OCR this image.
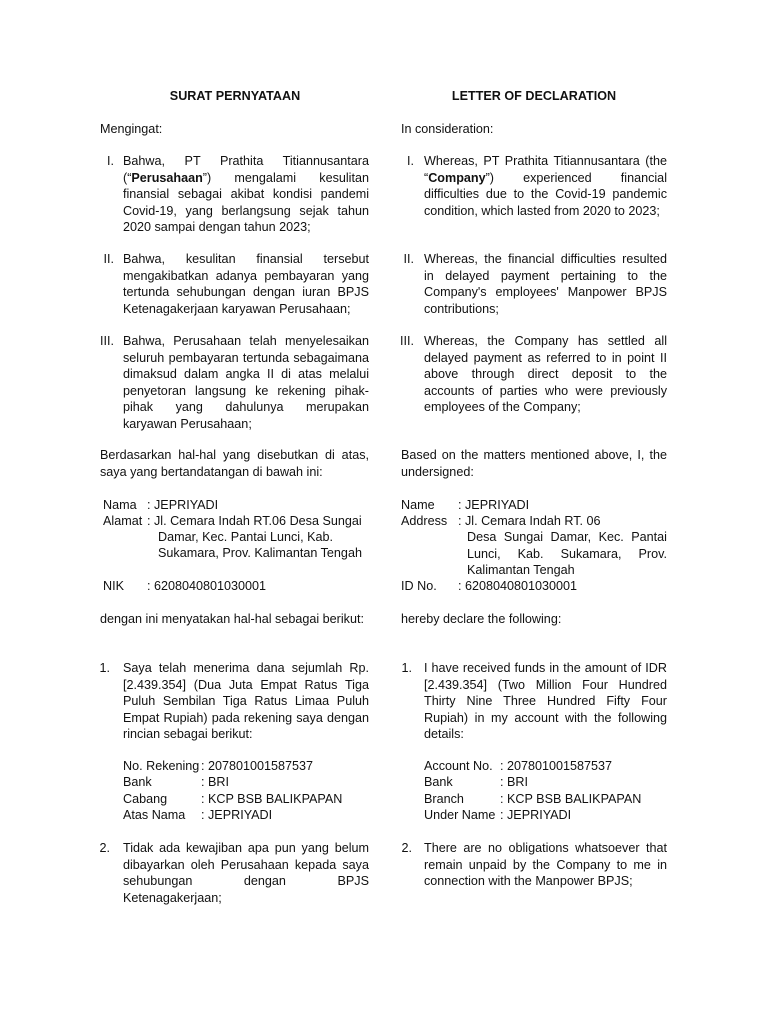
SURAT PERNYATAAN
Mengingat:
I. Bahwa, PT Prathita Titiannusantara (“Perusahaan”) mengalami kesulitan finansial sebagai akibat kondisi pandemi Covid-19, yang berlangsung sejak tahun 2020 sampai dengan tahun 2023;
II. Bahwa, kesulitan finansial tersebut mengakibatkan adanya pembayaran yang tertunda sehubungan dengan iuran BPJS Ketenagakerjaan karyawan Perusahaan;
III. Bahwa, Perusahaan telah menyelesaikan seluruh pembayaran tertunda sebagaimana dimaksud dalam angka II di atas melalui penyetoran langsung ke rekening pihak-pihak yang dahulunya merupakan karyawan Perusahaan;
Berdasarkan hal-hal yang disebutkan di atas, saya yang bertandatangan di bawah ini:
Nama : JEPRIYADI
Alamat : Jl. Cemara Indah RT.06 Desa Sungai
Damar, Kec. Pantai Lunci, Kab.
Sukamara, Prov. Kalimantan Tengah
NIK : 6208040801030001
dengan ini menyatakan hal-hal sebagai berikut:
1. Saya telah menerima dana sejumlah Rp. [2.439.354] (Dua Juta Empat Ratus Tiga Puluh Sembilan Tiga Ratus Limaa Puluh Empat Rupiah) pada rekening saya dengan rincian sebagai berikut:
No. Rekening : 207801001587537
Bank	: BRI
Cabang	: KCP BSB BALIKPAPAN
Atas Nama : JEPRIYADI
2. Tidak ada kewajiban apa pun yang belum dibayarkan oleh Perusahaan kepada saya sehubungan dengan BPJS Ketenagakerjaan;
LETTER OF DECLARATION
In consideration:
I. Whereas, PT Prathita Titiannusantara (the “Company”) experienced financial difficulties due to the Covid-19 pandemic condition, which lasted from 2020 to 2023;
II. Whereas, the financial difficulties resulted in delayed payment pertaining to the Company's employees' Manpower BPJS contributions;
III. Whereas, the Company has settled all delayed payment as referred to in point II above through direct deposit to the accounts of parties who were previously employees of the Company;
Based on the matters mentioned above, I, the undersigned:
Name : JEPRIYADI
Address : Jl. Cemara Indah RT. 06
Desa Sungai Damar, Kec. Pantai Lunci, Kab. Sukamara, Prov. Kalimantan Tengah
ID No. : 6208040801030001
hereby declare the following:
1. I have received funds in the amount of IDR [2.439.354] (Two Million Four Hundred Thirty Nine Three Hundred Fifty Four Rupiah) in my account with the following details:
Account No. : 207801001587537
Bank	: BRI
Branch	: KCP BSB BALIKPAPAN
Under Name : JEPRIYADI
2. There are no obligations whatsoever that remain unpaid by the Company to me in connection with the Manpower BPJS;
